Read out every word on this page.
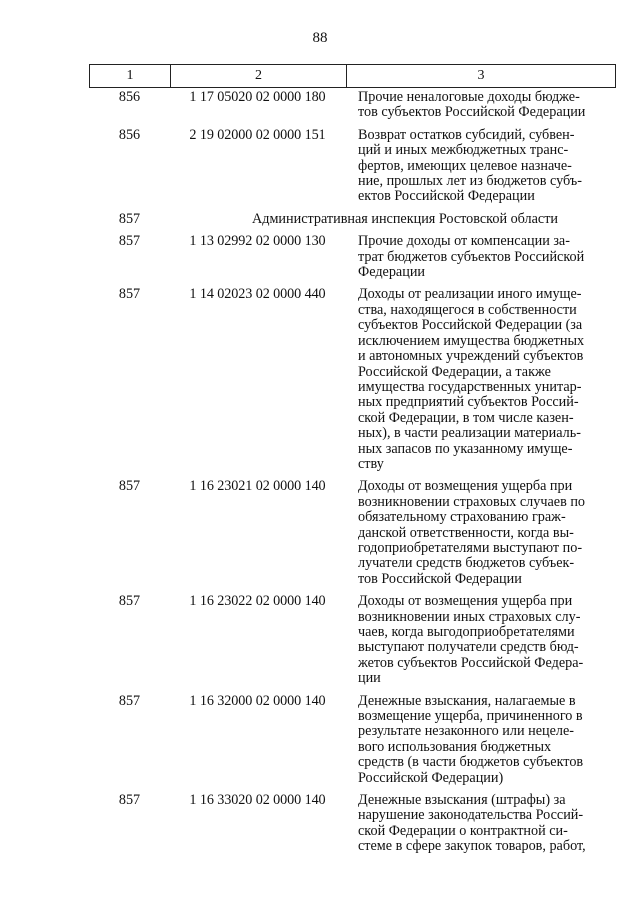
88
1	2	3
856	1 17 05020 02 0000 180	Прочие неналоговые доходы бюдже-
тов субъектов Российской Федерации
856	2 19 02000 02 0000 151	Возврат остатков субсидий, субвен-
ций и иных межбюджетных транс-
фертов, имеющих целевое назначе-
ние, прошлых лет из бюджетов субъ-
ектов Российской Федерации
857	Административная инспекция Ростовской области
857	1 13 02992 02 0000 130	Прочие доходы от компенсации за-
трат бюджетов субъектов Российской
Федерации
857	1 14 02023 02 0000 440	Доходы от реализации иного имуще-
ства, находящегося в собственности
субъектов Российской Федерации (за
исключением имущества бюджетных
и автономных учреждений субъектов
Российской Федерации, а также
имущества государственных унитар-
ных предприятий субъектов Россий-
ской Федерации, в том числе казен-
ных), в части реализации материаль-
ных запасов по указанному имуще-
ству
857	1 16 23021 02 0000 140	Доходы от возмещения ущерба при
возникновении страховых случаев по
обязательному страхованию граж-
данской ответственности, когда вы-
годоприобретателями выступают по-
лучатели средств бюджетов субъек-
тов Российской Федерации
857	1 16 23022 02 0000 140	Доходы от возмещения ущерба при
возникновении иных страховых слу-
чаев, когда выгодоприобретателями
выступают получатели средств бюд-
жетов субъектов Российской Федера-
ции
857	1 16 32000 02 0000 140	Денежные взыскания, налагаемые в
возмещение ущерба, причиненного в
результате незаконного или нецеле-
вого использования бюджетных
средств (в части бюджетов субъектов
Российской Федерации)
857	1 16 33020 02 0000 140	Денежные взыскания (штрафы) за
нарушение законодательства Россий-
ской Федерации о контрактной си-
стеме в сфере закупок товаров, работ,
